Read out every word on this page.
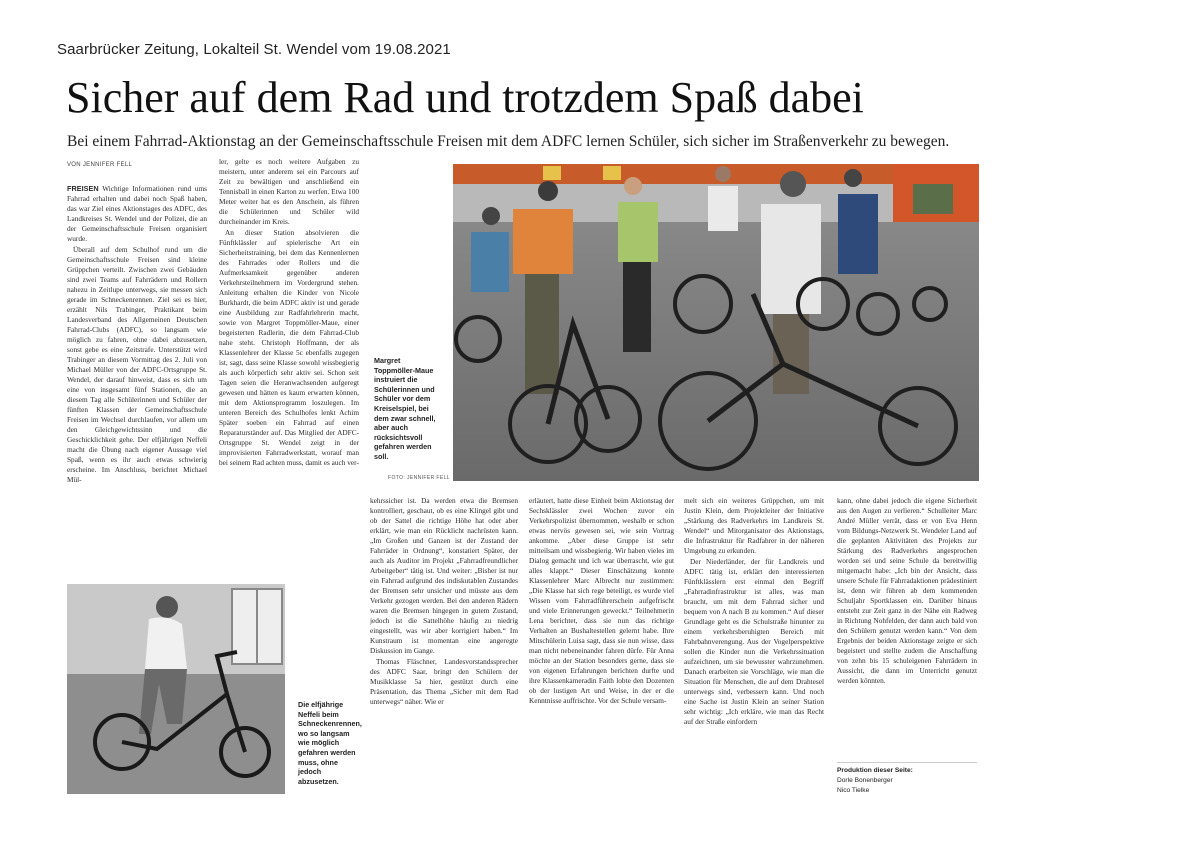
Saarbrücker Zeitung, Lokalteil St. Wendel vom 19.08.2021
Sicher auf dem Rad und trotzdem Spaß dabei
Bei einem Fahrrad-Aktionstag an der Gemeinschaftsschule Freisen mit dem ADFC lernen Schüler, sich sicher im Straßenverkehr zu bewegen.
VON JENNIFER FELL

FREISEN Wichtige Informationen rund ums Fahrrad erhalten und dabei noch Spaß haben, das war Ziel eines Aktionstages des ADFC, des Landkreises St. Wendel und der Polizei, die an der Gemeinschaftsschule Freisen organisiert wurde.

Überall auf dem Schulhof rund um die Gemeinschaftsschule Freisen sind kleine Grüppchen verteilt. Zwischen zwei Gebäuden sind zwei Teams auf Fahrrädern und Rollern nahezu in Zeitlupe unterwegs, sie messen sich gerade im Schneckenrennen. Ziel sei es hier, erzählt Nils Trabinger, Praktikant beim Landesverband des Allgemeinen Deutschen Fahrrad-Clubs (ADFC), so langsam wie möglich zu fahren, ohne dabei abzusetzen, sonst gebe es eine Zeitstrafe. Unterstützt wird Trabinger an diesem Vormittag des 2. Juli von Michael Müller von der ADFC-Ortsgruppe St. Wendel, der darauf hinweist, dass es sich um eine von insgesamt fünf Stationen, die an diesem Tag alle Schülerinnen und Schüler der fünften Klassen der Gemeinschaftsschule Freisen im Wechsel durchlaufen, vor allem um den Gleichgewichtssinn und die Geschicklichkeit gehe. Der elfjährigen Neffeli macht die Übung nach eigener Aussage viel Spaß, wenn es ihr auch etwas schwierig erscheine. Im Anschluss, berichtet Michael Mül-

ler, gelte es noch weitere Aufgaben zu meistern, unter anderem sei ein Parcours auf Zeit zu bewältigen und anschließend ein Tennisball in einen Karton zu werfen. Etwa 100 Meter weiter hat es den Anschein, als führen die Schülerinnen und Schüler wild durcheinander im Kreis.

An dieser Station absolvieren die Fünftklässler auf spielerische Art ein Sicherheitstraining, bei dem das Kennenlernen des Fahrrades oder Rollers und die Aufmerksamkeit gegenüber anderen Verkehrsteilnehmern im Vordergrund stehen. Anleitung erhalten die Kinder von Nicole Burkhardt, die beim ADFC aktiv ist und gerade eine Ausbildung zur Radfahrlehrerin macht, sowie von Margret Toppmöller-Maue, einer begeisterten Radlerin, die dem Fahrrad-Club nahe steht. Christoph Hoffmann, der als Klassenlehrer der Klasse 5c ebenfalls zugegen ist, sagt, dass seine Klasse sowohl wissbegierig als auch körperlich sehr aktiv sei. Schon seit Tagen seien die Heranwachsenden aufgeregt gewesen und hätten es kaum erwarten können, mit dem Aktionsprogramm loszulegen. Im unteren Bereich des Schulhofes lenkt Achim Später soeben ein Fahrrad auf einen Reparaturständer auf. Das Mitglied der ADFC-Ortsgruppe St. Wendel zeigt in der improvisierten Fahrradwerkstatt, worauf man bei seinem Rad achten muss, damit es auch ver-

Margret Toppmöller-Maue instruiert die Schülerinnen und Schüler vor dem Kreiselspiel, bei dem zwar schnell, aber auch rücksichtsvoll gefahren werden soll.
FOTO: JENNIFER FELL
Die elfjährige Neffeli beim Schneckenrennen, wo so langsam wie möglich gefahren werden muss, ohne jedoch abzusetzen.

kehrssicher ist. Da werden etwa die Bremsen kontrolliert, geschaut, ob es eine Klingel gibt und ob der Sattel die richtige Höhe hat oder aber erklärt, wie man ein Rücklicht nachrüsten kann. „Im Großen und Ganzen ist der Zustand der Fahrräder in Ordnung“, konstatiert Später, der auch als Auditor im Projekt „Fahrradfreundlicher Arbeitgeber“ tätig ist. Und weiter: „Bisher ist nur ein Fahrrad aufgrund des indiskutablen Zustandes der Bremsen sehr unsicher und müsste aus dem Verkehr gezogen werden. Bei den anderen Rädern waren die Bremsen hingegen in gutem Zustand, jedoch ist die Sattelhöhe häufig zu niedrig eingestellt, was wir aber korrigiert haben.“ Im Kunstraum ist momentan eine angeregte Diskussion im Gange.

Thomas Fläschner, Landesvorstandssprecher des ADFC Saar, bringt den Schülern der Musikklasse 5a hier, gestützt durch eine Präsentation, das Thema „Sicher mit dem Rad unterwegs“ näher. Wie er

erläutert, hatte diese Einheit beim Aktionstag der Sechsklässler zwei Wochen zuvor ein Verkehrspolizist übernommen, weshalb er schon etwas nervös gewesen sei, wie sein Vortrag ankomme. „Aber diese Gruppe ist sehr mitteilsam und wissbegierig. Wir haben vieles im Dialog gemacht und ich war überrascht, wie gut alles klappt.“ Dieser Einschätzung konnte Klassenlehrer Marc Albrecht nur zustimmen: „Die Klasse hat sich rege beteiligt, es wurde viel Wissen vom Fahrradführerschein aufgefrischt und viele Erinnerungen geweckt.“ Teilnehmerin Lena berichtet, dass sie nun das richtige Verhalten an Bushaltestellen gelernt habe. Ihre Mitschülerin Luisa sagt, dass sie nun wisse, dass man nicht nebeneinander fahren dürfe. Für Anna möchte an der Station besonders gerne, dass sie von eigenen Erfahrungen berichten durfte und ihre Klassenkameradin Faith lobte den Dozenten ob der lustigen Art und Weise, in der er die Kenntnisse auffrischte. Vor der Schule versam-

melt sich ein weiteres Grüppchen, um mit Justin Klein, dem Projektleiter der Initiative „Stärkung des Radverkehrs im Landkreis St. Wendel“ und Mitorganisator des Aktionstags, die Infrastruktur für Radfahrer in der näheren Umgebung zu erkunden.

Der Niederländer, der für Landkreis und ADFC tätig ist, erklärt den interessierten Fünftklässlern erst einmal den Begriff „Fahrradinfrastruktur ist alles, was man braucht, um mit dem Fahrrad sicher und bequem von A nach B zu kommen.“ Auf dieser Grundlage geht es die Schulstraße hinunter zu einem verkehrsberuhigten Bereich mit Fahrbahnverengung. Aus der Vogelperspektive sollen die Kinder nun die Verkehrssituation aufzeichnen, um sie bewusster wahrzunehmen. Danach erarbeiten sie Vorschläge, wie man die Situation für Menschen, die auf dem Drahtesel unterwegs sind, verbessern kann. Und noch eine Sache ist Justin Klein an seiner Station sehr wichtig: „Ich erkläre, wie man das Recht auf der Straße einfordern

kann, ohne dabei jedoch die eigene Sicherheit aus den Augen zu verlieren.“ Schulleiter Marc André Müller verrät, dass er von Eva Henn vom Bildungs-Netzwerk St. Wendeler Land auf die geplanten Aktivitäten des Projekts zur Stärkung des Radverkehrs angesprochen worden sei und seine Schule da bereitwillig mitgemacht habe: „Ich bin der Ansicht, dass unsere Schule für Fahrradaktionen prädestiniert ist, denn wir führen ab dem kommenden Schuljahr Sportklassen ein. Darüber hinaus entsteht zur Zeit ganz in der Nähe ein Radweg in Richtung Nohfelden, der dann auch bald von den Schülern genutzt werden kann.“ Von dem Ergebnis der beiden Aktionstage zeigte er sich begeistert und stellte zudem die Anschaffung von zehn bis 15 schuleigenen Fahrrädern in Aussicht, die dann im Unterricht genutzt werden könnten.

Produktion dieser Seite:
Dorle Bonenberger
Nico Tielke
